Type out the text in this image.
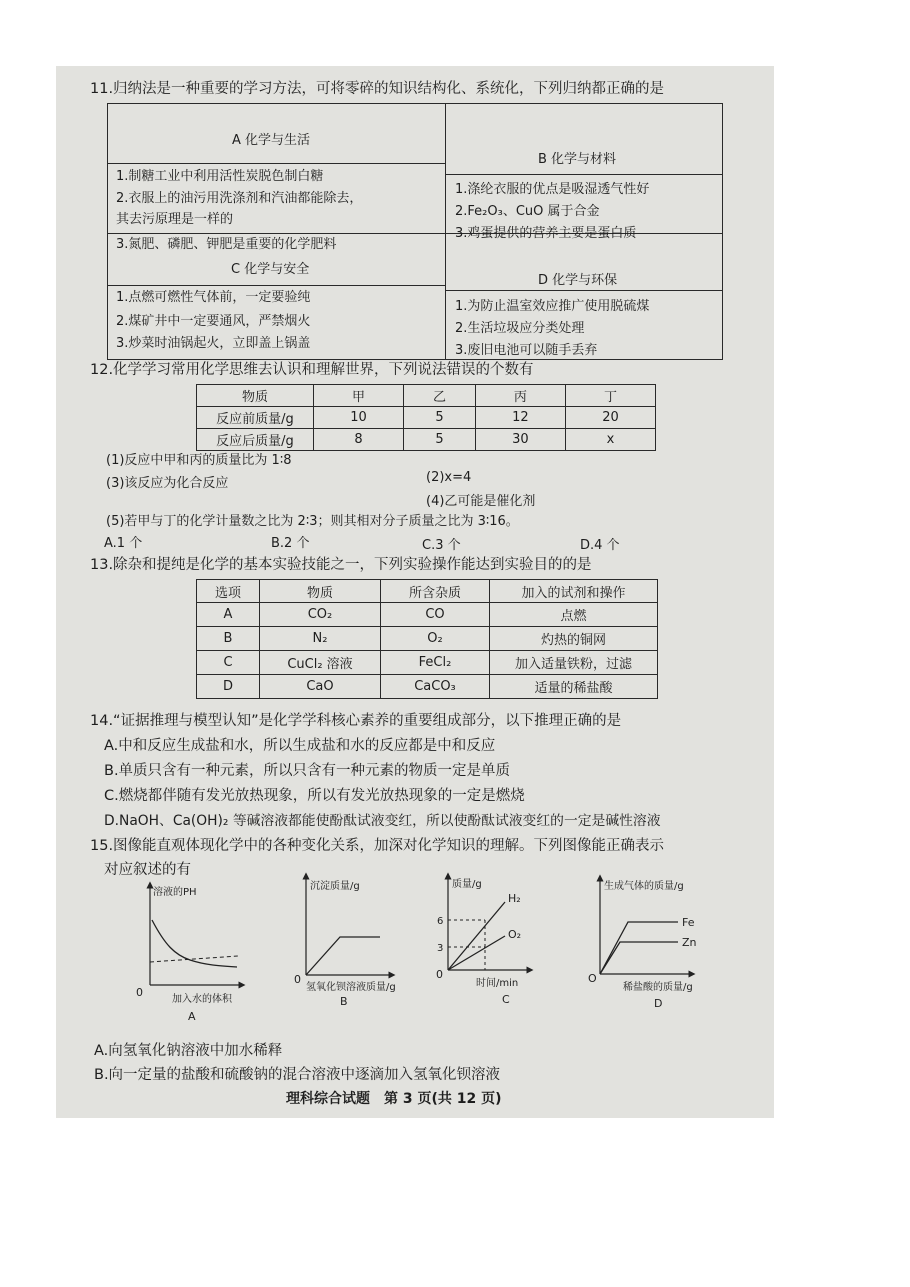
11.归纳法是一种重要的学习方法，可将零碎的知识结构化、系统化，下列归纳都正确的是
A 化学与生活
1.制糖工业中利用活性炭脱色制白糖
2.衣服上的油污用洗涤剂和汽油都能除去，
其去污原理是一样的
3.氮肥、磷肥、钾肥是重要的化学肥料
B 化学与材料
1.涤纶衣服的优点是吸湿透气性好
2.Fe₂O₃、CuO 属于合金
3.鸡蛋提供的营养主要是蛋白质
C 化学与安全
1.点燃可燃性气体前，一定要验纯
2.煤矿井中一定要通风，严禁烟火
3.炒菜时油锅起火，立即盖上锅盖
D 化学与环保
1.为防止温室效应推广使用脱硫煤
2.生活垃圾应分类处理
3.废旧电池可以随手丢弃
12.化学学习常用化学思维去认识和理解世界，下列说法错误的个数有
物质	甲	乙	丙	丁
反应前质量/g	10	5	12	20
反应后质量/g	8	5	30	x
(1)反应中甲和丙的质量比为 1∶8
(2)x=4
(3)该反应为化合反应
(4)乙可能是催化剂
(5)若甲与丁的化学计量数之比为 2∶3；则其相对分子质量之比为 3∶16。
A.1 个	B.2 个	C.3 个	D.4 个
13.除杂和提纯是化学的基本实验技能之一，下列实验操作能达到实验目的的是
选项	物质	所含杂质	加入的试剂和操作
A	CO₂	CO	点燃
B	N₂	O₂	灼热的铜网
C	CuCl₂ 溶液	FeCl₂	加入适量铁粉，过滤
D	CaO	CaCO₃	适量的稀盐酸
14.“证据推理与模型认知”是化学学科核心素养的重要组成部分，以下推理正确的是
A.中和反应生成盐和水，所以生成盐和水的反应都是中和反应
B.单质只含有一种元素，所以只含有一种元素的物质一定是单质
C.燃烧都伴随有发光放热现象，所以有发光放热现象的一定是燃烧
D.NaOH、Ca(OH)₂ 等碱溶液都能使酚酞试液变红，所以使酚酞试液变红的一定是碱性溶液
15.图像能直观体现化学中的各种变化关系，加深对化学知识的理解。下列图像能正确表示
对应叙述的有
溶液的PH
0
加入水的体积
A
沉淀质量/g
0
氢氧化钡溶液质量/g
B
质量/g
6
3
0
H₂
O₂
时间/min
C
生成气体的质量/g
O
Fe
Zn
稀盐酸的质量/g
D
A.向氢氧化钠溶液中加水稀释
B.向一定量的盐酸和硫酸钠的混合溶液中逐滴加入氢氧化钡溶液
理科综合试题　第 3 页(共 12 页)
